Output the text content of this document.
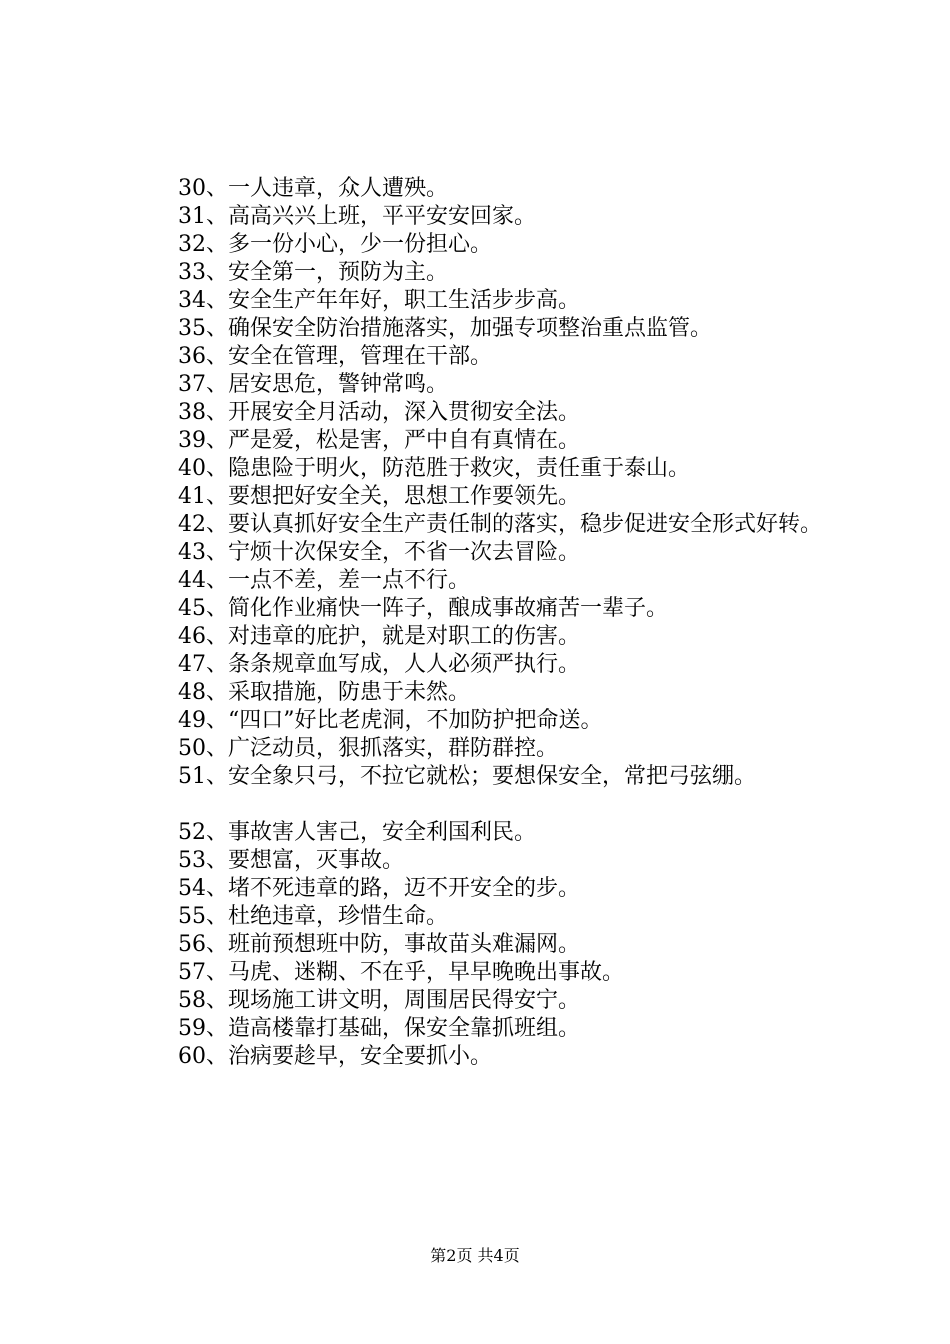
30、一人违章，众人遭殃。
31、高高兴兴上班，平平安安回家。
32、多一份小心，少一份担心。
33、安全第一，预防为主。
34、安全生产年年好，职工生活步步高。
35、确保安全防治措施落实，加强专项整治重点监管。
36、安全在管理，管理在干部。
37、居安思危，警钟常鸣。
38、开展安全月活动，深入贯彻安全法。
39、严是爱，松是害，严中自有真情在。
40、隐患险于明火，防范胜于救灾，责任重于泰山。
41、要想把好安全关，思想工作要领先。
42、要认真抓好安全生产责任制的落实，稳步促进安全形式好转。
43、宁烦十次保安全，不省一次去冒险。
44、一点不差，差一点不行。
45、简化作业痛快一阵子，酿成事故痛苦一辈子。
46、对违章的庇护，就是对职工的伤害。
47、条条规章血写成，人人必须严执行。
48、采取措施，防患于未然。
49、“四口”好比老虎洞，不加防护把命送。
50、广泛动员，狠抓落实，群防群控。
51、安全象只弓，不拉它就松；要想保安全，常把弓弦绷。
52、事故害人害己，安全利国利民。
53、要想富，灭事故。
54、堵不死违章的路，迈不开安全的步。
55、杜绝违章，珍惜生命。
56、班前预想班中防，事故苗头难漏网。
57、马虎、迷糊、不在乎，早早晚晚出事故。
58、现场施工讲文明，周围居民得安宁。
59、造高楼靠打基础，保安全靠抓班组。
60、治病要趁早，安全要抓小。
第2页 共4页
